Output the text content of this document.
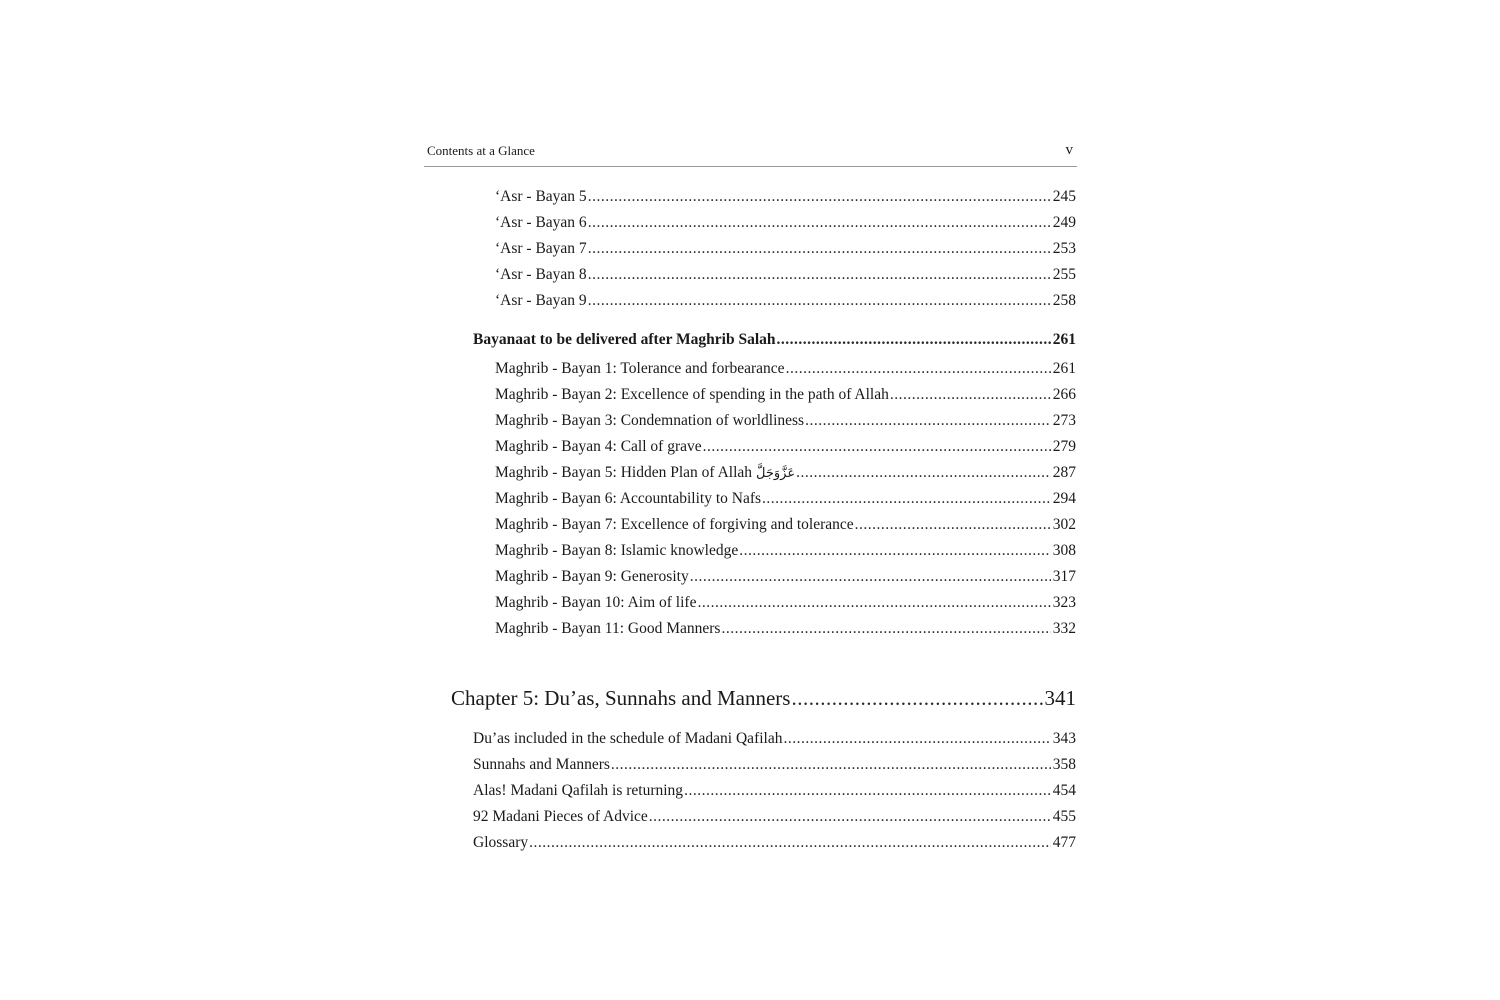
Contents at a Glance	v
‘Asr - Bayan 5 .....	245
‘Asr - Bayan 6 .....	249
‘Asr - Bayan 7 .....	253
‘Asr - Bayan 8 .....	255
‘Asr - Bayan 9 .....	258
Bayanaat to be delivered after Maghrib Salah .....	261
Maghrib - Bayan 1: Tolerance and forbearance .....	261
Maghrib - Bayan 2: Excellence of spending in the path of Allah .....	266
Maghrib - Bayan 3: Condemnation of worldliness .....	273
Maghrib - Bayan 4: Call of grave .....	279
Maghrib - Bayan 5: Hidden Plan of Allah عَزَّوَجَلَّ .....	287
Maghrib - Bayan 6: Accountability to Nafs .....	294
Maghrib - Bayan 7: Excellence of forgiving and tolerance .....	302
Maghrib - Bayan 8: Islamic knowledge .....	308
Maghrib - Bayan 9: Generosity .....	317
Maghrib - Bayan 10: Aim of life .....	323
Maghrib - Bayan 11: Good Manners .....	332
Chapter 5: Du’as, Sunnahs and Manners .....	341
Du’as included in the schedule of Madani Qafilah .....	343
Sunnahs and Manners .....	358
Alas! Madani Qafilah is returning .....	454
92 Madani Pieces of Advice .....	455
Glossary .....	477
